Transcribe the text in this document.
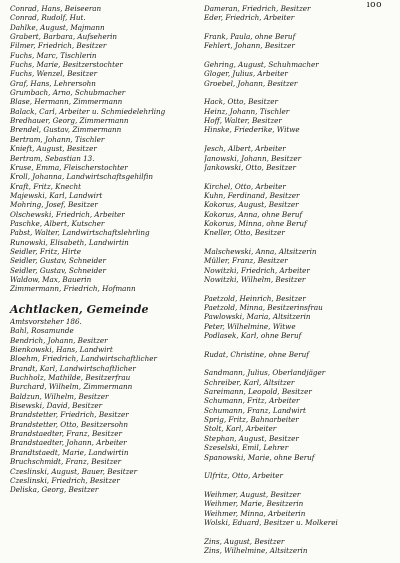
ıoo
Conrad, Hans, Beiseeran
Conrad, Rudolf, Hut.
Dahlke, August, Majmann
Grabert, Barbara, Aufseherin
Filmer, Friedrich, Besitzer
Fuchs, Marc, Tischlerin
Fuchs, Marie, Besitzerstochter
Fuchs, Wenzel, Besitzer
Graf, Hans, Lehrersohn
Grumbach, Arno, Schubmacher
Blase, Hermann, Zimmermann
Balack, Carl, Arbeiter u. Schmiedelehrling
Bredhauer, Georg, Zimmermann
Brendel, Gustav, Zimmermann
Bertram, Johann, Tischler
Knieft, August, Besitzer
Bertram, Sebastian 13.
Kruse, Emma, Fleischerstochter
Kroll, Johanna, Landwirtschaftsgehilfin
Kraft, Fritz, Knecht
Majewski, Karl, Landwirt
Mohring, Josef, Besitzer
Olschewski, Friedrich, Arbeiter
Paschke, Albert, Kutscher
Pabst, Walter, Landwirtschaftslehrling
Runowski, Elisabeth, Landwirtin
Seidler, Fritz, Hirte
Seidler, Gustav, Schneider
Seidler, Gustav, Schneider
Waldow, Max, Bauerin
Zimmermann, Friedrich, Hofmann
Achtlacken, Gemeinde
Amtsvorsteher 186.
Bahl, Rosamunde
Bendrich, Johann, Besitzer
Bienkowski, Hans, Landwirt
Bloehm, Friedrich, Landwirtschaftlicher
Brandt, Karl, Landwirtschaftlicher
Buchholz, Mathilde, Besitzerfrau
Burchard, Wilhelm, Zimmermann
Baldzun, Wilhelm, Besitzer
Bisewski, David, Besitzer
Brandstetter, Friedrich, Besitzer
Brandstetter, Otto, Besitzersohn
Brandstaedter, Franz, Besitzer
Brandstaedter, Johann, Arbeiter
Brandtstaedt, Marie, Landwirtin
Bruchschmidt, Franz, Besitzer
Czeslinski, August, Bauer, Besitzer
Czeslinski, Friedrich, Besitzer
Deliska, Georg, Besitzer
Dameran, Friedrich, Besitzer
Eder, Friedrich, Arbeiter
Frank, Paula, ohne Beruf
Fehlert, Johann, Besitzer
Gehring, August, Schuhmacher
Gloger, Julius, Arbeiter
Groebel, Johann, Besitzer
Hack, Otto, Besitzer
Heinz, Johann, Tischler
Hoff, Walter, Besitzer
Hinske, Friederike, Witwe
Jesch, Albert, Arbeiter
Janowski, Johann, Besitzer
Jankowski, Otto, Besitzer
Kirchel, Otto, Arbeiter
Kuhn, Ferdinand, Besitzer
Kokorus, August, Besitzer
Kokorus, Anna, ohne Beruf
Kokorus, Minna, ohne Beruf
Kneller, Otto, Besitzer
Malschewski, Anna, Altsitzerin
Müller, Franz, Besitzer
Nowitzki, Friedrich, Arbeiter
Nowitzki, Wilhelm, Besitzer
Paetzold, Heinrich, Besitzer
Paetzold, Minna, Besitzerinsfrau
Pawlowski, Maria, Altsitzerin
Peter, Wilhelmine, Witwe
Podlasek, Karl, ohne Beruf
Rudat, Christine, ohne Beruf
Sandmann, Julius, Oberlandjäger
Schreiber, Karl, Altsitzer
Sareimann, Leopold, Besitzer
Schumann, Fritz, Arbeiter
Schumann, Franz, Landwirt
Sprig, Fritz, Bahnarbeiter
Stolt, Karl, Arbeiter
Stephan, August, Besitzer
Szeselski, Emil, Lehrer
Spanowski, Marie, ohne Beruf
Ulfritz, Otto, Arbeiter
Weihmer, August, Besitzer
Weihmer, Marie, Besitzerin
Weihmer, Minna, Arbeiterin
Wolski, Eduard, Besitzer u. Molkerei
Zins, August, Besitzer
Zins, Wilhelmine, Altsitzerin
